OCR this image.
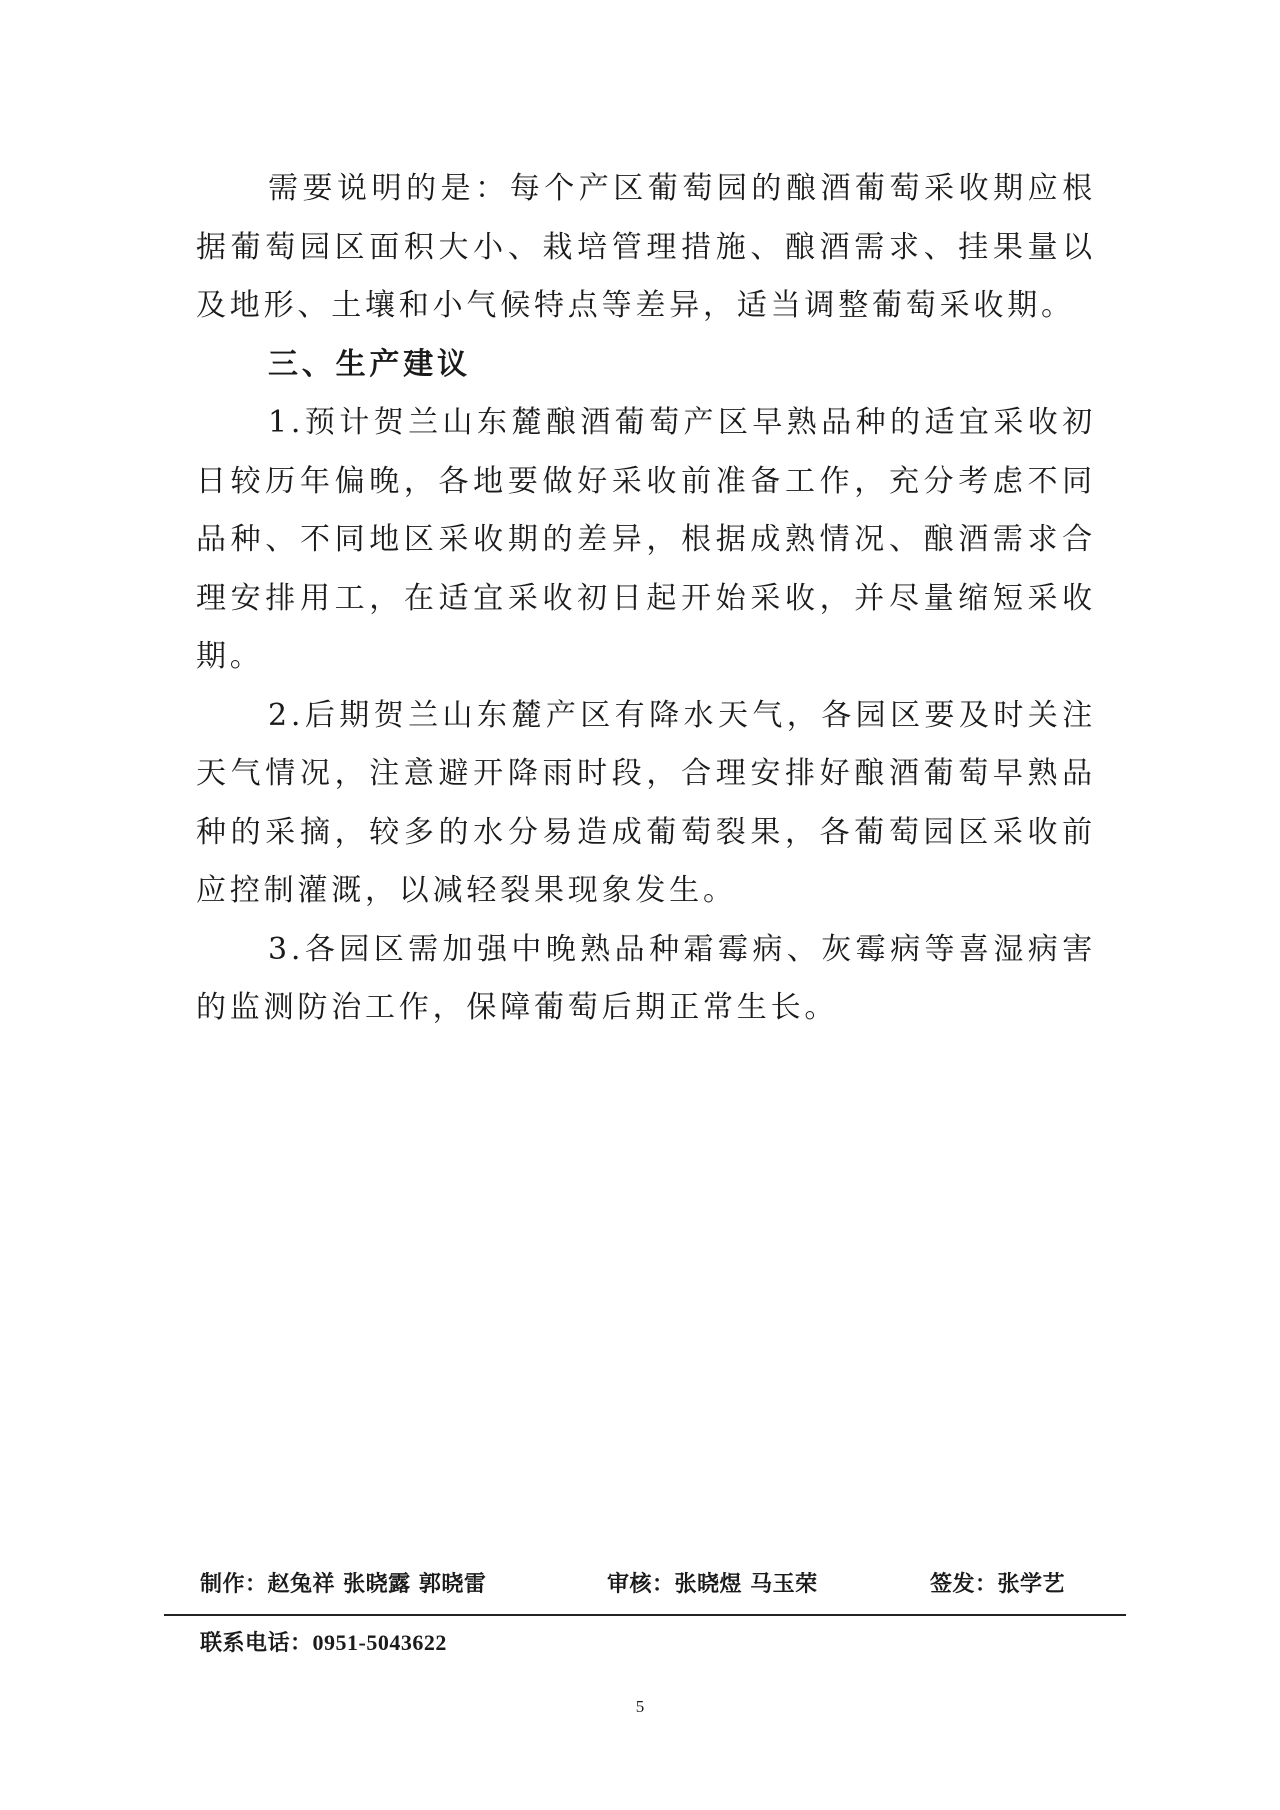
需要说明的是：每个产区葡萄园的酿酒葡萄采收期应根据葡萄园区面积大小、栽培管理措施、酿酒需求、挂果量以及地形、土壤和小气候特点等差异，适当调整葡萄采收期。

三、生产建议

1.预计贺兰山东麓酿酒葡萄产区早熟品种的适宜采收初日较历年偏晚，各地要做好采收前准备工作，充分考虑不同品种、不同地区采收期的差异，根据成熟情况、酿酒需求合理安排用工，在适宜采收初日起开始采收，并尽量缩短采收期。

2.后期贺兰山东麓产区有降水天气，各园区要及时关注天气情况，注意避开降雨时段，合理安排好酿酒葡萄早熟品种的采摘，较多的水分易造成葡萄裂果，各葡萄园区采收前应控制灌溉，以减轻裂果现象发生。

3.各园区需加强中晚熟品种霜霉病、灰霉病等喜湿病害的监测防治工作，保障葡萄后期正常生长。

制作：赵兔祥 张晓露 郭晓雷	审核：张晓煜 马玉荣	签发：张学艺
联系电话：0951-5043622
5
